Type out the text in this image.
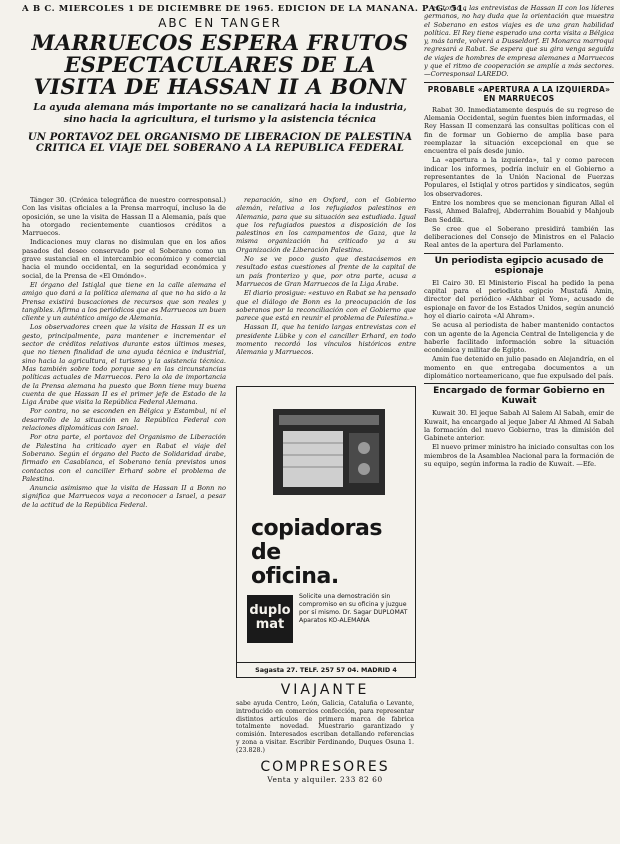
A B C. MIERCOLES 1 DE DICIEMBRE DE 1965. EDICION DE LA MAÑANA. PAG. 51.
ABC EN TANGER
MARRUECOS ESPERA FRUTOS ESPECTACULARES DE LA VISITA DE HASSAN II A BONN
La ayuda alemana más importante no se canalizará hacia la industria, sino hacia la agricultura, el turismo y la asistencia técnica
UN PORTAVOZ DEL ORGANISMO DE LIBERACION DE PALESTINA CRITICA EL VIAJE DEL SOBERANO A LA REPUBLICA FEDERAL

Tánger 30. (Crónica telegráfica de nuestro corresponsal.) Con las visitas oficiales a la Prensa marroquí, incluso la de oposición, se une la visita de Hassan II a Alemania, país que ha otorgado recientemente cuantiosos créditos a Marruecos.

Indicaciones muy claras no disimulan que en los años pasados del deseo conservado por el Soberano como un grave sustancial en el intercambio económico y comercial hacia el mundo occidental, en la seguridad económica y social, de la Prensa de «El Omóndo».

El órgano del Istiqlal que tiene en la calle alemana el amigo quo dará a la política alemana al que no ha sido a la Prensa existirá buscaciones de recursos que son reales y tangibles. Afirma a los periódicos que es Marruecos un buen cliente y un auténtico amigo de Alemania.

Los observadores creen que la visita de Hassan II es un gesto, principalmente, para mantener e incrementar el sector de créditos relativos durante estos últimos meses, que no tienen finalidad de una ayuda técnica e industrial, sino hacia la agricultura, el turismo y la asistencia técnica. Mas también sobre todo porque sea en las circunstancias políticas actuales de Marruecos. Pero la ola de importancia de la Prensa alemana ha puesto que Bonn tiene muy buena cuenta de que Hassan II es el primer jefe de Estado de la Liga Árabe que visita la República Federal Alemana.

Por contra, no se esconden en Bélgica y Estambul, ni el desarrollo de la situación en la República Federal con relaciones diplomáticas con Israel.

Por otra parte, el portavoz del Organismo de Liberación de Palestina ha criticado ayer en Rabat el viaje del Soberano. Según el órgano del Pacto de Solidaridad árabe, firmado en Casablanca, el Soberano tenía previstos unos contactos con el canciller Erhard sobre el problema de Palestina.

Anuncia asimismo que la visita de Hassan II a Bonn no significa que Marruecos vaya a reconocer a Israel, a pesar de la actitud de la República Federal.

reparación, sino en Oxford, con el Gobierno alemán, relativa a los refugiados palestinos en Alemania, para que su situación sea estudiada. Igual que los refugiados puestos a disposición de los palestinos en los campamentos de Gaza, que la misma organización ha criticado ya a su Organización de Liberación Palestina.

No se ve poco gusto que destacásemos en resultado estas cuestiones al frente de la capital de un país fronterizo y que, por otra parte, acusa a Marruecos de Gran Marruecos de la Liga Árabe.

El diario prosigue: «estuvo en Rabat se ha pensado que el diálogo de Bonn es la preocupación de los soberanos por la reconciliación con el Gobierno que parece que está en reunir el problema de Palestina.»

Hassan II, que ha tenido largas entrevistas con el presidente Lübke y con el canciller Erhard, en todo momento recordó los vínculos históricos entre Alemania y Marruecos.

copiadoras
de
oficina.
duplo
mat
Solicite una demostración sin compromiso en su oficina y juzgue por sí mismo. Dr. Sagar DUPLOMAT Aparatos KO-ALEMANA
Sagasta 27. TELF. 257 57 04. MADRID 4
VIAJANTE
sabe ayuda Centro, León, Galicia, Cataluña o Levante, introducido en comercios confección, para representar distintos artículos de primera marca de fabrica totalmente novedad. Muestrario garantizado y comisión. Interesados escriban detallando referencias y zona a visitar. Escribir Ferdinando, Duques Osuna 1. (23.828.)
COMPRESORES
Venta y alquiler. 233 82 60

en torno a las entrevistas de Hassan II con los líderes germanos, no hay duda que la orientación que muestra el Soberano en estos viajes es de una gran habilidad política. El Rey tiene esperado una corta visita a Bélgica y, más tarde, volverá a Dusseldorf. El Monarca marroquí regresará a Rabat. Se espera que su gira venga seguida de viajes de hombres de empresa alemanes a Marruecos y que el ritmo de cooperación se amplíe a más sectores. —Corresponsal LAREDO.

PROBABLE «APERTURA A LA IZQUIERDA» EN MARRUECOS

Rabat 30. Inmediatamente después de su regreso de Alemania Occidental, según fuentes bien informadas, el Rey Hassan II comenzará las consultas políticas con el fin de formar un Gobierno de amplia base para reemplazar la situación excepcional en que se encuentra el país desde junio.

La «apertura a la izquierda», tal y como parecen indicar los informes, podría incluir en el Gobierno a representantes de la Unión Nacional de Fuerzas Populares, el Istiqlal y otros partidos y sindicatos, según los observadores.

Entre los nombres que se mencionan figuran Allal el Fassi, Ahmed Balafrej, Abderrahim Bouabid y Mahjoub Ben Seddik.

Se cree que el Soberano presidirá también las deliberaciones del Consejo de Ministros en el Palacio Real antes de la apertura del Parlamento.

Un periodista egipcio acusado de espionaje

El Cairo 30. El Ministerio Fiscal ha pedido la pena capital para el periodista egipcio Mustafá Amin, director del periódico «Akhbar el Yom», acusado de espionaje en favor de los Estados Unidos, según anunció hoy el diario cairota «Al Ahram».

Se acusa al periodista de haber mantenido contactos con un agente de la Agencia Central de Inteligencia y de haberle facilitado información sobre la situación económica y militar de Egipto.

Amin fue detenido en julio pasado en Alejandría, en el momento en que entregaba documentos a un diplomático norteamericano, que fue expulsado del país.

Encargado de formar Gobierno en Kuwait

Kuwait 30. El jeque Sabah Al Salem Al Sabah, emir de Kuwait, ha encargado al jeque Jaber Al Ahmed Al Sabah la formación del nuevo Gobierno, tras la dimisión del Gabinete anterior.

El nuevo primer ministro ha iniciado consultas con los miembros de la Asamblea Nacional para la formación de su equipo, según informa la radio de Kuwait. —Efe.
